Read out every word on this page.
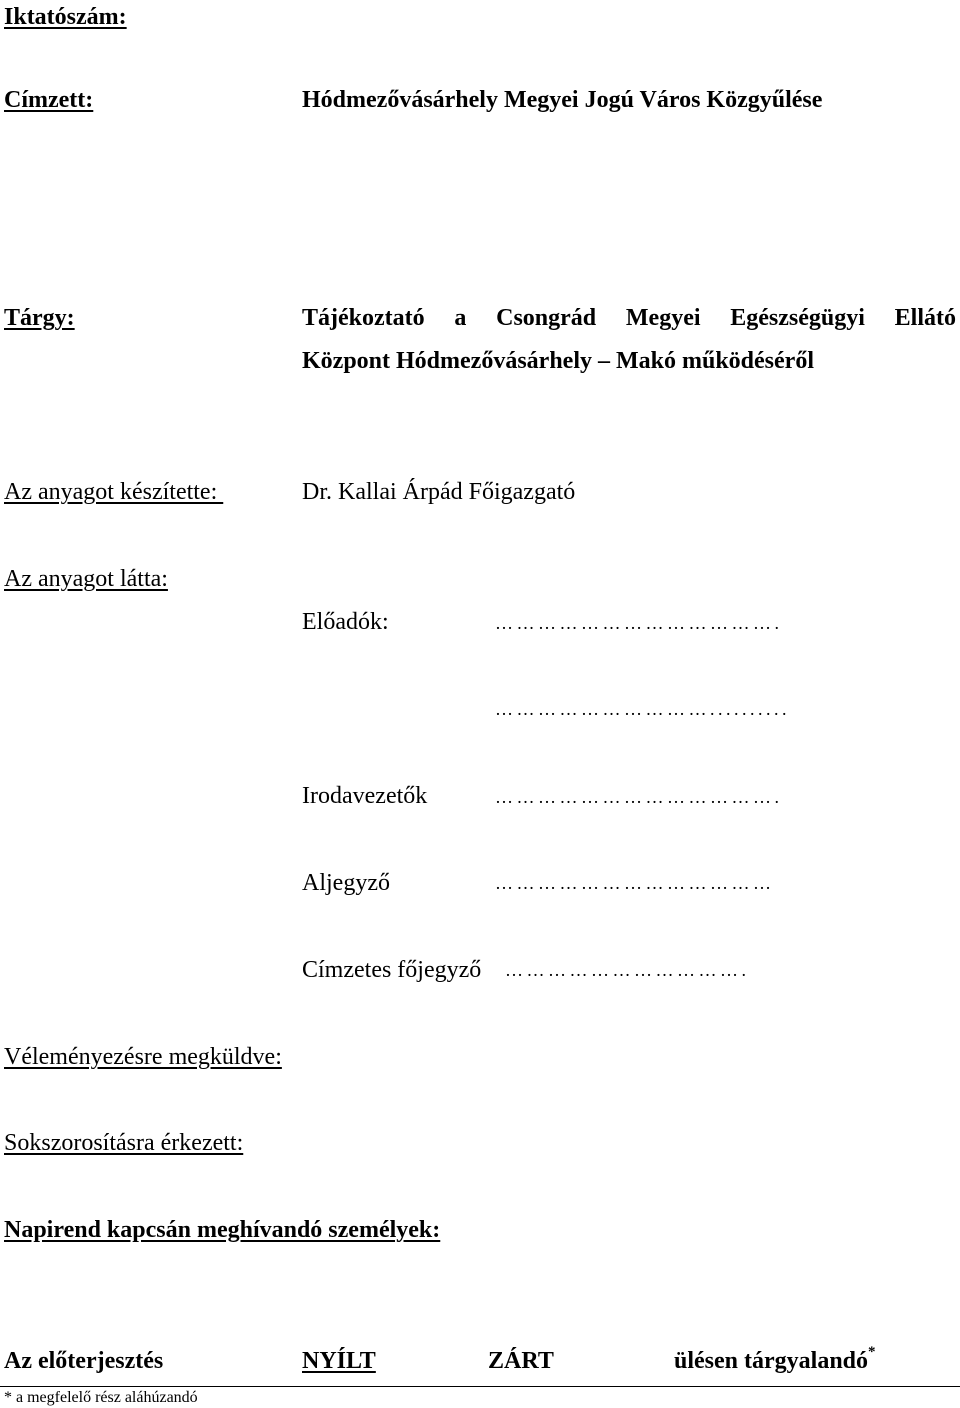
Iktatószám:
Címzett:	Hódmezővásárhely Megyei Jogú Város Közgyűlése
Tárgy:	Tájékoztató a Csongrád Megyei Egészségügyi Ellátó
Központ Hódmezővásárhely – Makó működéséről
Az anyagot készítette:	Dr. Kallai Árpád Főigazgató
Az anyagot látta:
Előadók:	………………………………….
…………………………..........
Irodavezetők	………………………………….
Aljegyző	…………………………………
Címzetes főjegyző …………………………….
Véleményezésre megküldve:
Sokszorosításra érkezett:
Napirend kapcsán meghívandó személyek:
Az előterjesztés	NYÍLT	ZÁRT	ülésen tárgyalandó*
* a megfelelő rész aláhúzandó
